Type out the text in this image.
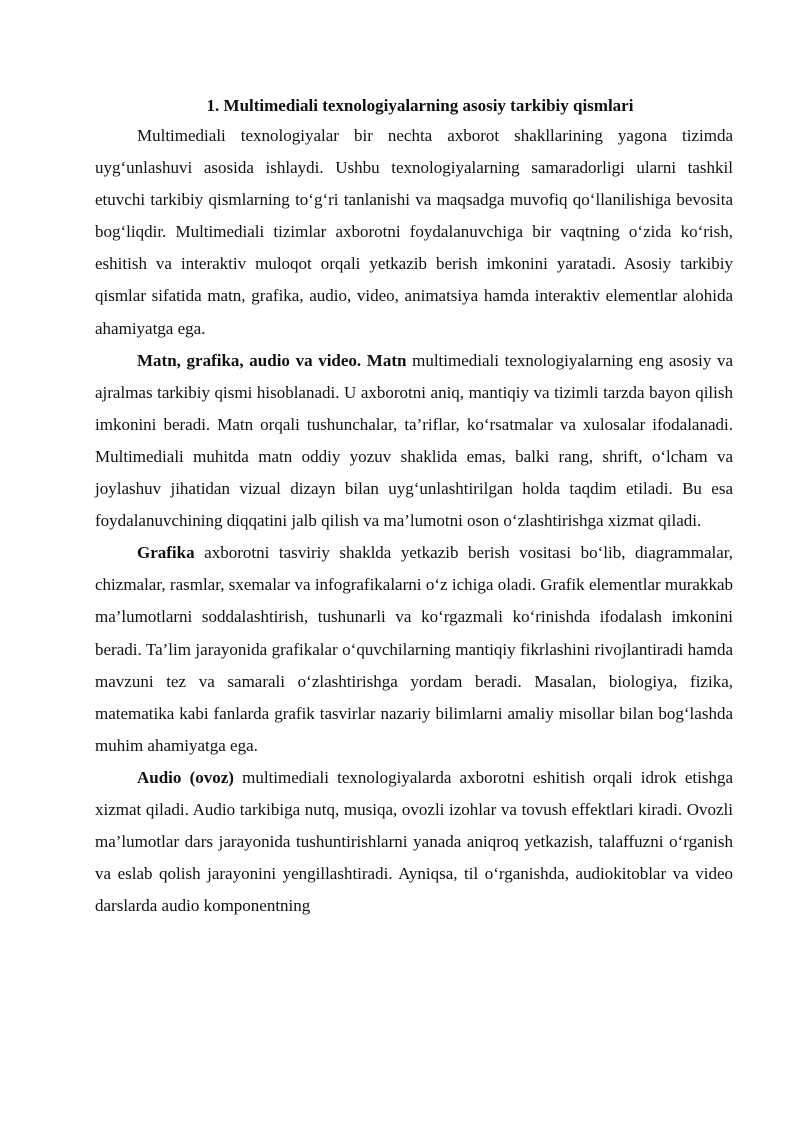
1. Multimediali texnologiyalarning asosiy tarkibiy qismlari

Multimediali texnologiyalar bir nechta axborot shakllarining yagona tizimda uyg‘unlashuvi asosida ishlaydi. Ushbu texnologiyalarning samaradorligi ularni tashkil etuvchi tarkibiy qismlarning to‘g‘ri tanlanishi va maqsadga muvofiq qo‘llanilishiga bevosita bog‘liqdir. Multimediali tizimlar axborotni foydalanuvchiga bir vaqtning o‘zida ko‘rish, eshitish va interaktiv muloqot orqali yetkazib berish imkonini yaratadi. Asosiy tarkibiy qismlar sifatida matn, grafika, audio, video, animatsiya hamda interaktiv elementlar alohida ahamiyatga ega.

Matn, grafika, audio va video. Matn multimediali texnologiyalarning eng asosiy va ajralmas tarkibiy qismi hisoblanadi. U axborotni aniq, mantiqiy va tizimli tarzda bayon qilish imkonini beradi. Matn orqali tushunchalar, ta’riflar, ko‘rsatmalar va xulosalar ifodalanadi. Multimediali muhitda matn oddiy yozuv shaklida emas, balki rang, shrift, o‘lcham va joylashuv jihatidan vizual dizayn bilan uyg‘unlashtirilgan holda taqdim etiladi. Bu esa foydalanuvchining diqqatini jalb qilish va ma’lumotni oson o‘zlashtirishga xizmat qiladi.

Grafika axborotni tasviriy shaklda yetkazib berish vositasi bo‘lib, diagrammalar, chizmalar, rasmlar, sxemalar va infografikalarni o‘z ichiga oladi. Grafik elementlar murakkab ma’lumotlarni soddalashtirish, tushunarli va ko‘rgazmali ko‘rinishda ifodalash imkonini beradi. Ta’lim jarayonida grafikalar o‘quvchilarning mantiqiy fikrlashini rivojlantiradi hamda mavzuni tez va samarali o‘zlashtirishga yordam beradi. Masalan, biologiya, fizika, matematika kabi fanlarda grafik tasvirlar nazariy bilimlarni amaliy misollar bilan bog‘lashda muhim ahamiyatga ega.

Audio (ovoz) multimediali texnologiyalarda axborotni eshitish orqali idrok etishga xizmat qiladi. Audio tarkibiga nutq, musiqa, ovozli izohlar va tovush effektlari kiradi. Ovozli ma’lumotlar dars jarayonida tushuntirishlarni yanada aniqroq yetkazish, talaffuzni o‘rganish va eslab qolish jarayonini yengillashtiradi. Ayniqsa, til o‘rganishda, audiokitoblar va video darslarda audio komponentning
